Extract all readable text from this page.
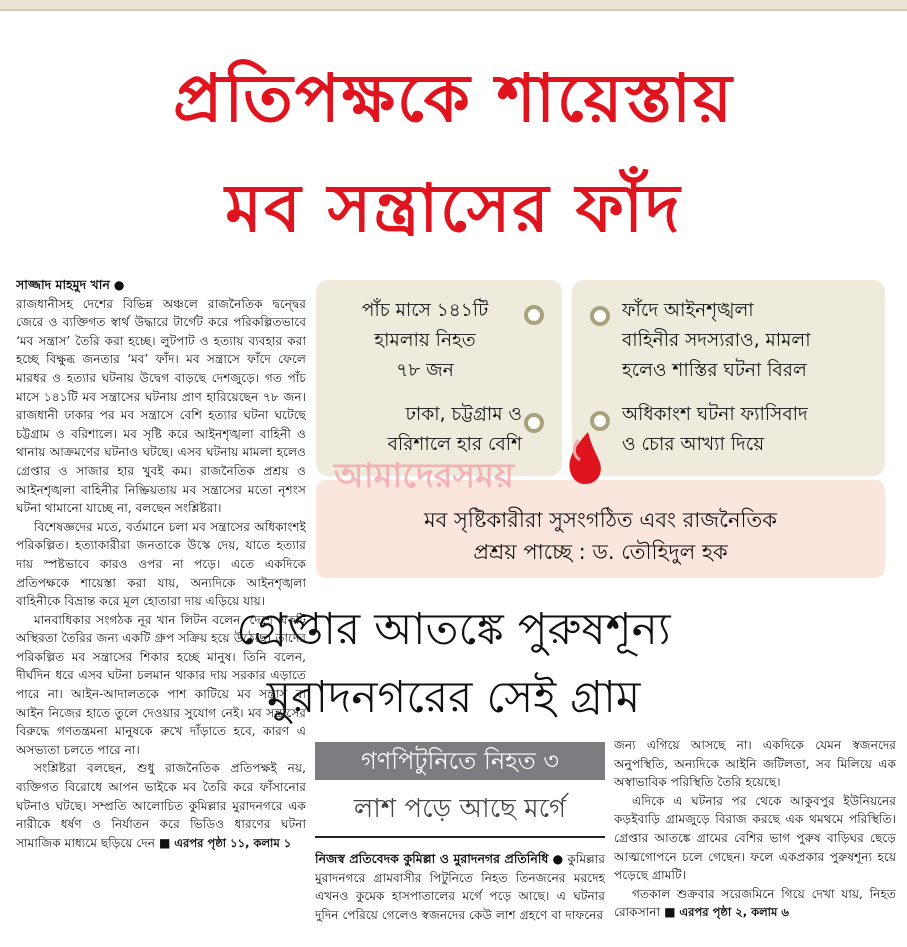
প্রতিপক্ষকে শায়েস্তায়
মব সন্ত্রাসের ফাঁদ

সাজ্জাদ মাহমুদ খান ●

রাজধানীসহ দেশের বিভিন্ন অঞ্চলে রাজনৈতিক দ্বন্দ্বের জেরে ও ব্যক্তিগত স্বার্থ উদ্ধারে টার্গেট করে পরিকল্পিতভাবে ‘মব সন্ত্রাস’ তৈরি করা হচ্ছে। লুটপাট ও হত্যায় ব্যবহার করা হচ্ছে বিক্ষুব্ধ জনতার ‘মব’ ফাঁদ। মব সন্ত্রাসে ফাঁদে ফেলে মারধর ও হত্যার ঘটনায় উদ্বেগ বাড়ছে দেশজুড়ে। গত পাঁচ মাসে ১৪১টি মব সন্ত্রাসের ঘটনায় প্রাণ হারিয়েছেন ৭৮ জন। রাজধানী ঢাকার পর মব সন্ত্রাসে বেশি হত্যার ঘটনা ঘটেছে চট্টগ্রাম ও বরিশালে। মব সৃষ্টি করে আইনশৃঙ্খলা বাহিনী ও থানায় আক্রমণের ঘটনাও ঘটছে। এসব ঘটনায় মামলা হলেও গ্রেপ্তার ও সাজার হার খুবই কম। রাজনৈতিক প্রশ্রয় ও আইনশৃঙ্খলা বাহিনীর নিষ্ক্রিয়তায় মব সন্ত্রাসের মতো নৃশংস ঘটনা থামানো যাচ্ছে না, বলছেন সংশ্লিষ্টরা।

বিশেষজ্ঞদের মতে, বর্তমানে চলা মব সন্ত্রাসের অধিকাংশই পরিকল্পিত। হত্যাকারীরা জনতাকে উস্কে দেয়, যাতে হত্যার দায় স্পষ্টভাবে কারও ওপর না পড়ে। এতে একদিকে প্রতিপক্ষকে শায়েস্তা করা যায়, অন্যদিকে আইনশৃঙ্খলা বাহিনীকে বিভ্রান্ত করে মূল হোতারা দায় এড়িয়ে যায়।

মানবাধিকার সংগঠক নূর খান লিটন বলেন, দেশে একটি অস্থিরতা তৈরির জন্য একটি গ্রুপ সক্রিয় হয়ে উঠেছে। তাদের পরিকল্পিত মব সন্ত্রাসের শিকার হচ্ছে মানুষ। তিনি বলেন, দীর্ঘদিন ধরে এসব ঘটনা চলমান থাকার দায় সরকার এড়াতে পারে না। আইন-আদালতকে পাশ কাটিয়ে মব সন্ত্রাস বা আইন নিজের হাতে তুলে দেওয়ার সুযোগ নেই। মব সন্ত্রাসের বিরুদ্ধে গণতন্ত্রমনা মানুষকে রুখে দাঁড়াতে হবে, কারণ এ অসভ্যতা চলতে পারে না।

সংশ্লিষ্টরা বলছেন, শুধু রাজনৈতিক প্রতিপক্ষই নয়, ব্যক্তিগত বিরোধে আপন ভাইকে মব তৈরি করে ফাঁসানোর ঘটনাও ঘটছে। সম্প্রতি আলোচিত কুমিল্লার মুরাদনগরে এক নারীকে ধর্ষণ ও নির্যাতন করে ভিডিও ধারণের ঘটনা সামাজিক মাধ্যমে ছড়িয়ে দেন ■ এরপর পৃষ্ঠা ১১, কলাম ১

পাঁচ মাসে ১৪১টি
হামলায় নিহত
৭৮ জন
ঢাকা, চট্টগ্রাম ও
বরিশালে হার বেশি
ফাঁদে আইনশৃঙ্খলা
বাহিনীর সদস্যরাও, মামলা
হলেও শাস্তির ঘটনা বিরল
অধিকাংশ ঘটনা ফ্যাসিবাদ
ও চোর আখ্যা দিয়ে
মব সৃষ্টিকারীরা সুসংগঠিত এবং রাজনৈতিক
প্রশ্রয় পাচ্ছে : ড. তৌহিদুল হক
আমাদেরসময়
গ্রেপ্তার আতঙ্কে পুরুষশূন্য
মুরাদনগরের সেই গ্রাম
গণপিটুনিতে নিহত ৩
লাশ পড়ে আছে মর্গে

নিজস্ব প্রতিবেদক কুমিল্লা ও মুরাদনগর প্রতিনিধি ● কুমিল্লার মুরাদনগরে গ্রামবাসীর পিটুনিতে নিহত তিনজনের মরদেহ এখনও কুমেক হাসপাতালের মর্গে পড়ে আছে। এ ঘটনার দুদিন পেরিয়ে গেলেও স্বজনদের কেউ লাশ গ্রহণে বা দাফনের

জন্য এগিয়ে আসছে না। একদিকে যেমন স্বজনদের অনুপস্থিতি, অন্যদিকে আইনি জটিলতা, সব মিলিয়ে এক অস্বাভাবিক পরিস্থিতি তৈরি হয়েছে।

এদিকে এ ঘটনার পর থেকে আকুবপুর ইউনিয়নের কড়ইবাড়ি গ্রামজুড়ে বিরাজ করছে এক থমথমে পরিস্থিতি। গ্রেপ্তার আতঙ্কে গ্রামের বেশির ভাগ পুরুষ বাড়িঘর ছেড়ে আত্মগোপনে চলে গেছেন। ফলে একপ্রকার পুরুষশূন্য হয়ে পড়েছে গ্রামটি।

গতকাল শুক্রবার সরেজমিনে গিয়ে দেখা যায়, নিহত রোকসানা ■ এরপর পৃষ্ঠা ২, কলাম ৬
